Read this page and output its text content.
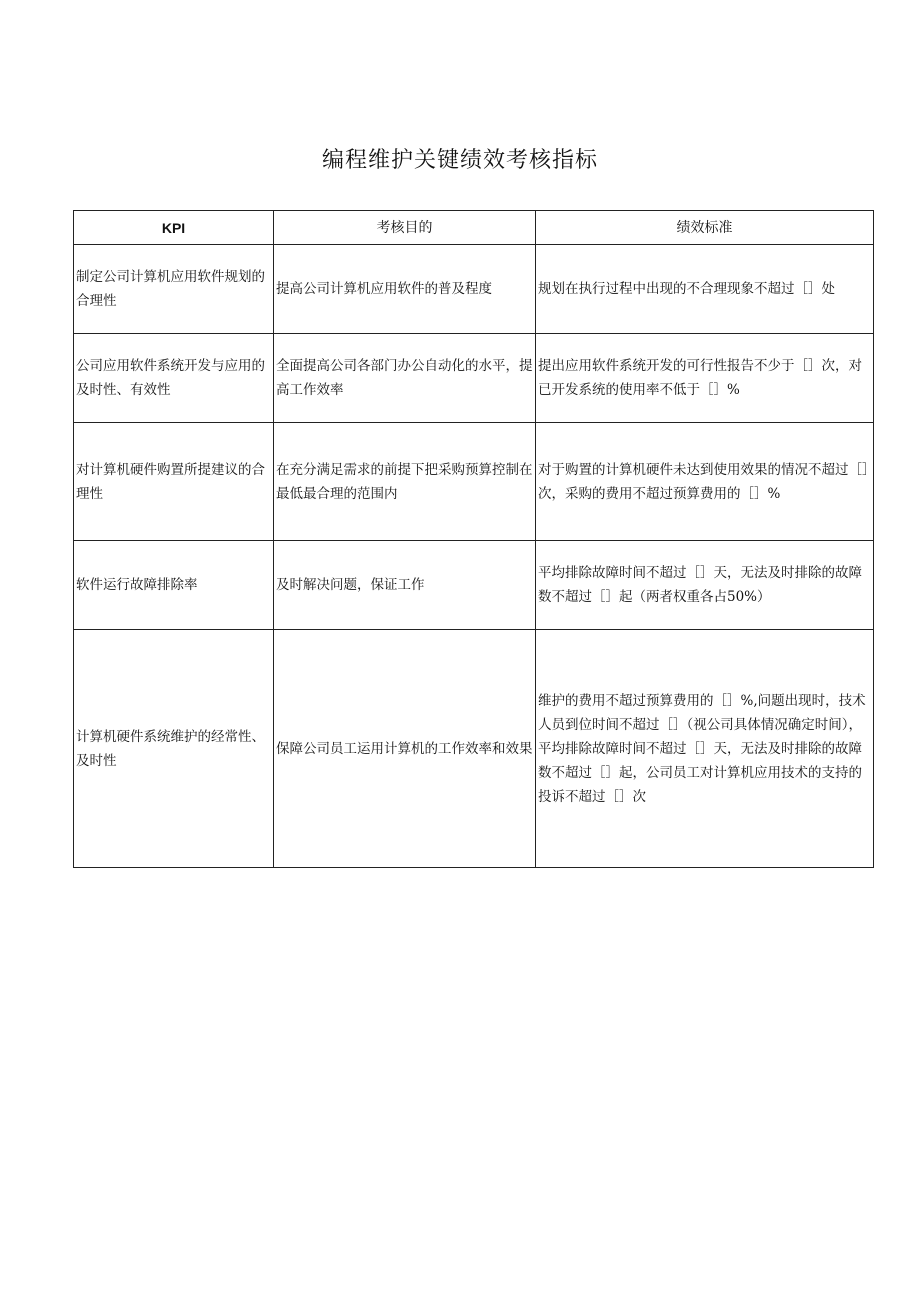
编程维护关键绩效考核指标
KPI	考核目的	绩效标准
制定公司计算机应用软件规划的合理性	提高公司计算机应用软件的普及程度	规划在执行过程中出现的不合理现象不超过［］处
公司应用软件系统开发与应用的及时性、有效性	全面提高公司各部门办公自动化的水平，提高工作效率	提出应用软件系统开发的可行性报告不少于［］次，对已开发系统的使用率不低于［］%
对计算机硬件购置所提建议的合理性	在充分满足需求的前提下把采购预算控制在最低最合理的范围内	对于购置的计算机硬件未达到使用效果的情况不超过［］次，采购的费用不超过预算费用的［］%
软件运行故障排除率	及时解决问题，保证工作	平均排除故障时间不超过［］天，无法及时排除的故障数不超过［］起（两者权重各占50%）
计算机硬件系统维护的经常性、及时性	保障公司员工运用计算机的工作效率和效果	维护的费用不超过预算费用的［］%,问题出现时，技术人员到位时间不超过［］（视公司具体情况确定时间），平均排除故障时间不超过［］天，无法及时排除的故障数不超过［］起，公司员工对计算机应用技术的支持的投诉不超过［］次
